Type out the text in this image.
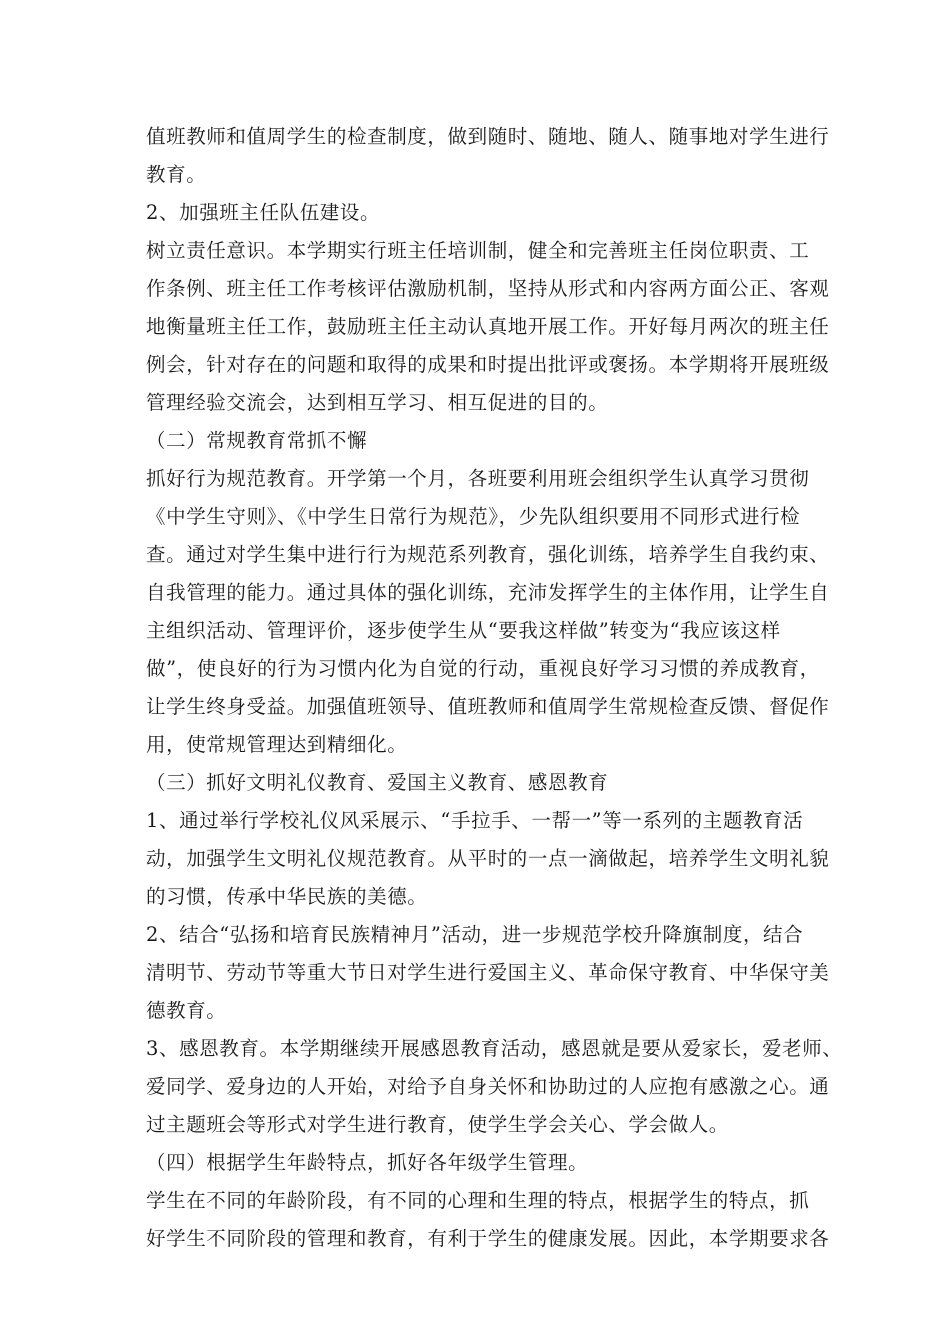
值班教师和值周学生的检查制度，做到随时、随地、随人、随事地对学生进行
教育。
2、加强班主任队伍建设。
树立责任意识。本学期实行班主任培训制，健全和完善班主任岗位职责、工
作条例、班主任工作考核评估激励机制，坚持从形式和内容两方面公正、客观
地衡量班主任工作，鼓励班主任主动认真地开展工作。开好每月两次的班主任
例会，针对存在的问题和取得的成果和时提出批评或褒扬。本学期将开展班级
管理经验交流会，达到相互学习、相互促进的目的。
（二）常规教育常抓不懈
抓好行为规范教育。开学第一个月，各班要利用班会组织学生认真学习贯彻
《中学生守则》、《中学生日常行为规范》，少先队组织要用不同形式进行检
查。通过对学生集中进行行为规范系列教育，强化训练，培养学生自我约束、
自我管理的能力。通过具体的强化训练，充沛发挥学生的主体作用，让学生自
主组织活动、管理评价，逐步使学生从“要我这样做”转变为“我应该这样
做”，使良好的行为习惯内化为自觉的行动，重视良好学习习惯的养成教育，
让学生终身受益。加强值班领导、值班教师和值周学生常规检查反馈、督促作
用，使常规管理达到精细化。
（三）抓好文明礼仪教育、爱国主义教育、感恩教育
1、通过举行学校礼仪风采展示、“手拉手、一帮一”等一系列的主题教育活
动，加强学生文明礼仪规范教育。从平时的一点一滴做起，培养学生文明礼貌
的习惯，传承中华民族的美德。
2、结合“弘扬和培育民族精神月”活动，进一步规范学校升降旗制度，结合
清明节、劳动节等重大节日对学生进行爱国主义、革命保守教育、中华保守美
德教育。
3、感恩教育。本学期继续开展感恩教育活动，感恩就是要从爱家长，爱老师、
爱同学、爱身边的人开始，对给予自身关怀和协助过的人应抱有感激之心。通
过主题班会等形式对学生进行教育，使学生学会关心、学会做人。
（四）根据学生年龄特点，抓好各年级学生管理。
学生在不同的年龄阶段，有不同的心理和生理的特点，根据学生的特点，抓
好学生不同阶段的管理和教育，有利于学生的健康发展。因此，本学期要求各
